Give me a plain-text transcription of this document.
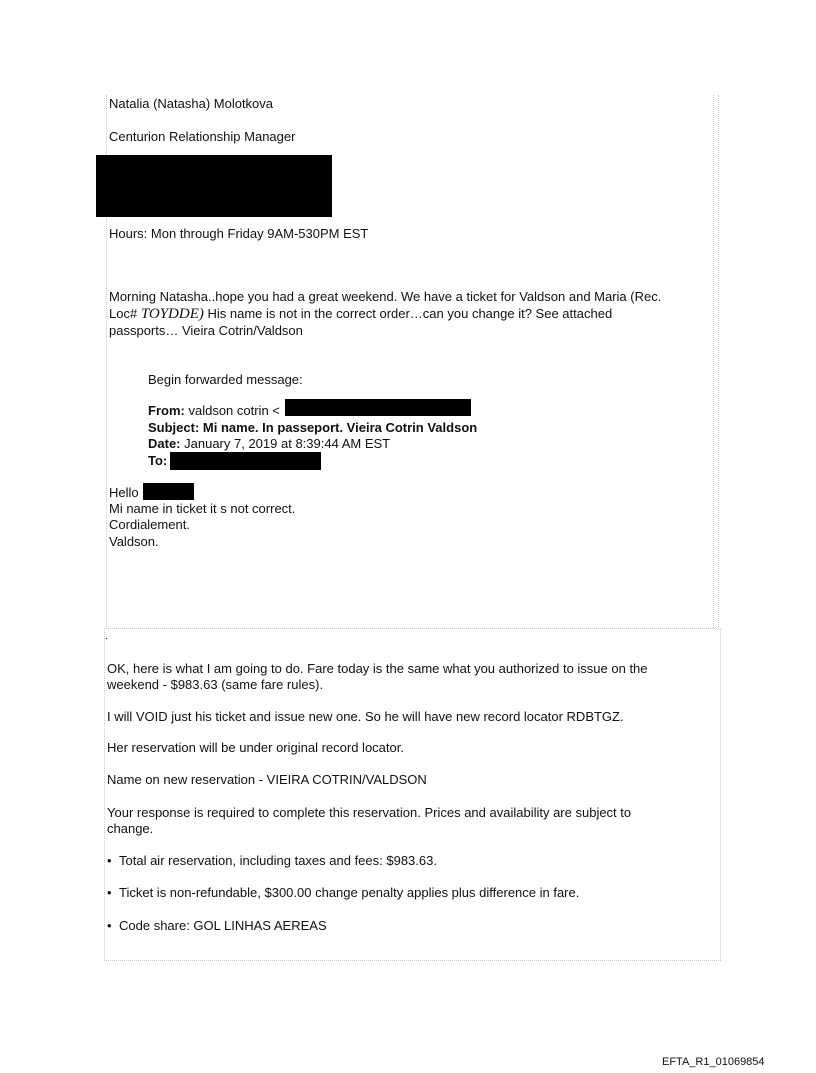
Natalia (Natasha) Molotkova
Centurion Relationship Manager
Hours: Mon through Friday 9AM-530PM EST
Morning Natasha..hope you had a great weekend. We have a ticket for Valdson and Maria (Rec.
Loc# TOYDDE) His name is not in the correct order…can you change it? See attached
passports… Vieira Cotrin/Valdson
Begin forwarded message:
From: valdson cotrin <
Subject: Mi name. In passeport. Vieira Cotrin Valdson
Date: January 7, 2019 at 8:39:44 AM EST
To:
Hello
Mi name in ticket it s not correct.
Cordialement.
Valdson.
.
OK, here is what I am going to do. Fare today is the same what you authorized to issue on the
weekend - $983.63 (same fare rules).
I will VOID just his ticket and issue new one. So he will have new record locator RDBTGZ.
Her reservation will be under original record locator.
Name on new reservation - VIEIRA COTRIN/VALDSON
Your response is required to complete this reservation. Prices and availability are subject to
change.
• Total air reservation, including taxes and fees: $983.63.
• Ticket is non-refundable, $300.00 change penalty applies plus difference in fare.
• Code share: GOL LINHAS AEREAS
EFTA_R1_01069854
